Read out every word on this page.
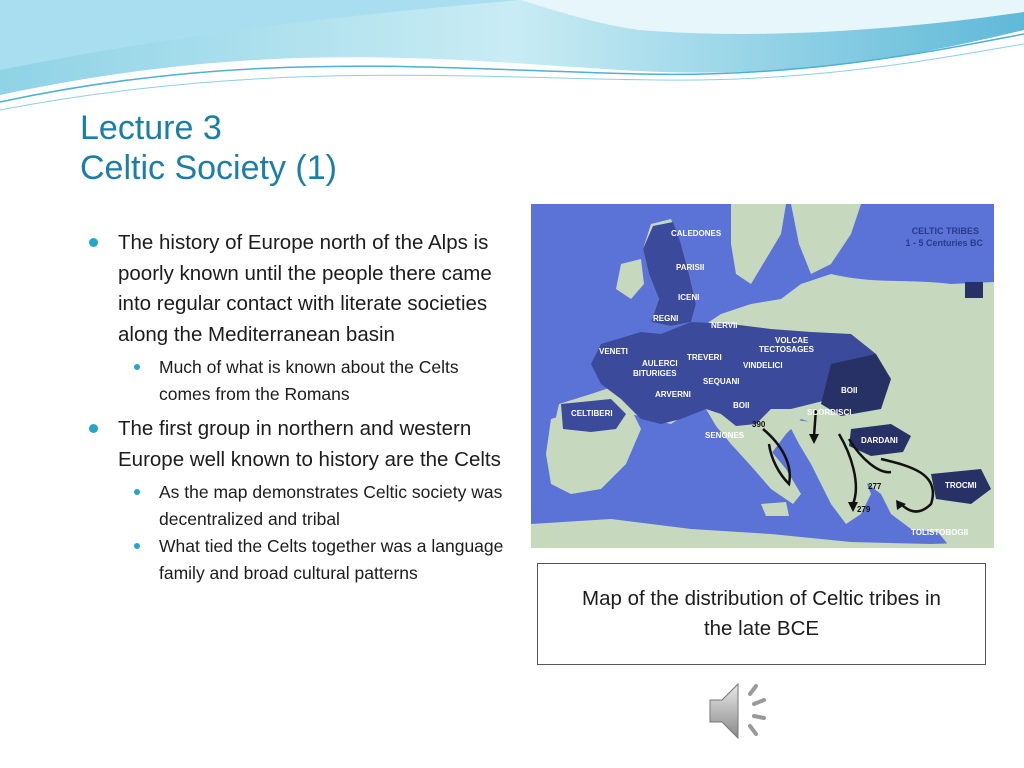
Lecture 3
Celtic Society (1)
The history of Europe north of the Alps is poorly known until the people there came into regular contact with literate societies along the Mediterranean basin
Much of what is known about the Celts comes from the Romans
The first group in northern and western Europe well known to history are the Celts
As the map demonstrates Celtic society was decentralized and tribal
What tied the Celts together was a language family and broad cultural patterns
CELTIC TRIBES
1 - 5 Centuries BC
CALEDONES
PARISII
ICENI
REGNI
NERVII
VOLCAE
TECTOSAGES
VENETI
AULERCI
BITURIGES
TREVERI
VINDELICI
SEQUANI
ARVERNI	BOII
BOII
SCORDISCI
CELTIBERI
SENONES
DARDANI
TROCMI
TOLISTOBOGII
390
277
279
Map of the distribution of Celtic tribes in the late BCE
